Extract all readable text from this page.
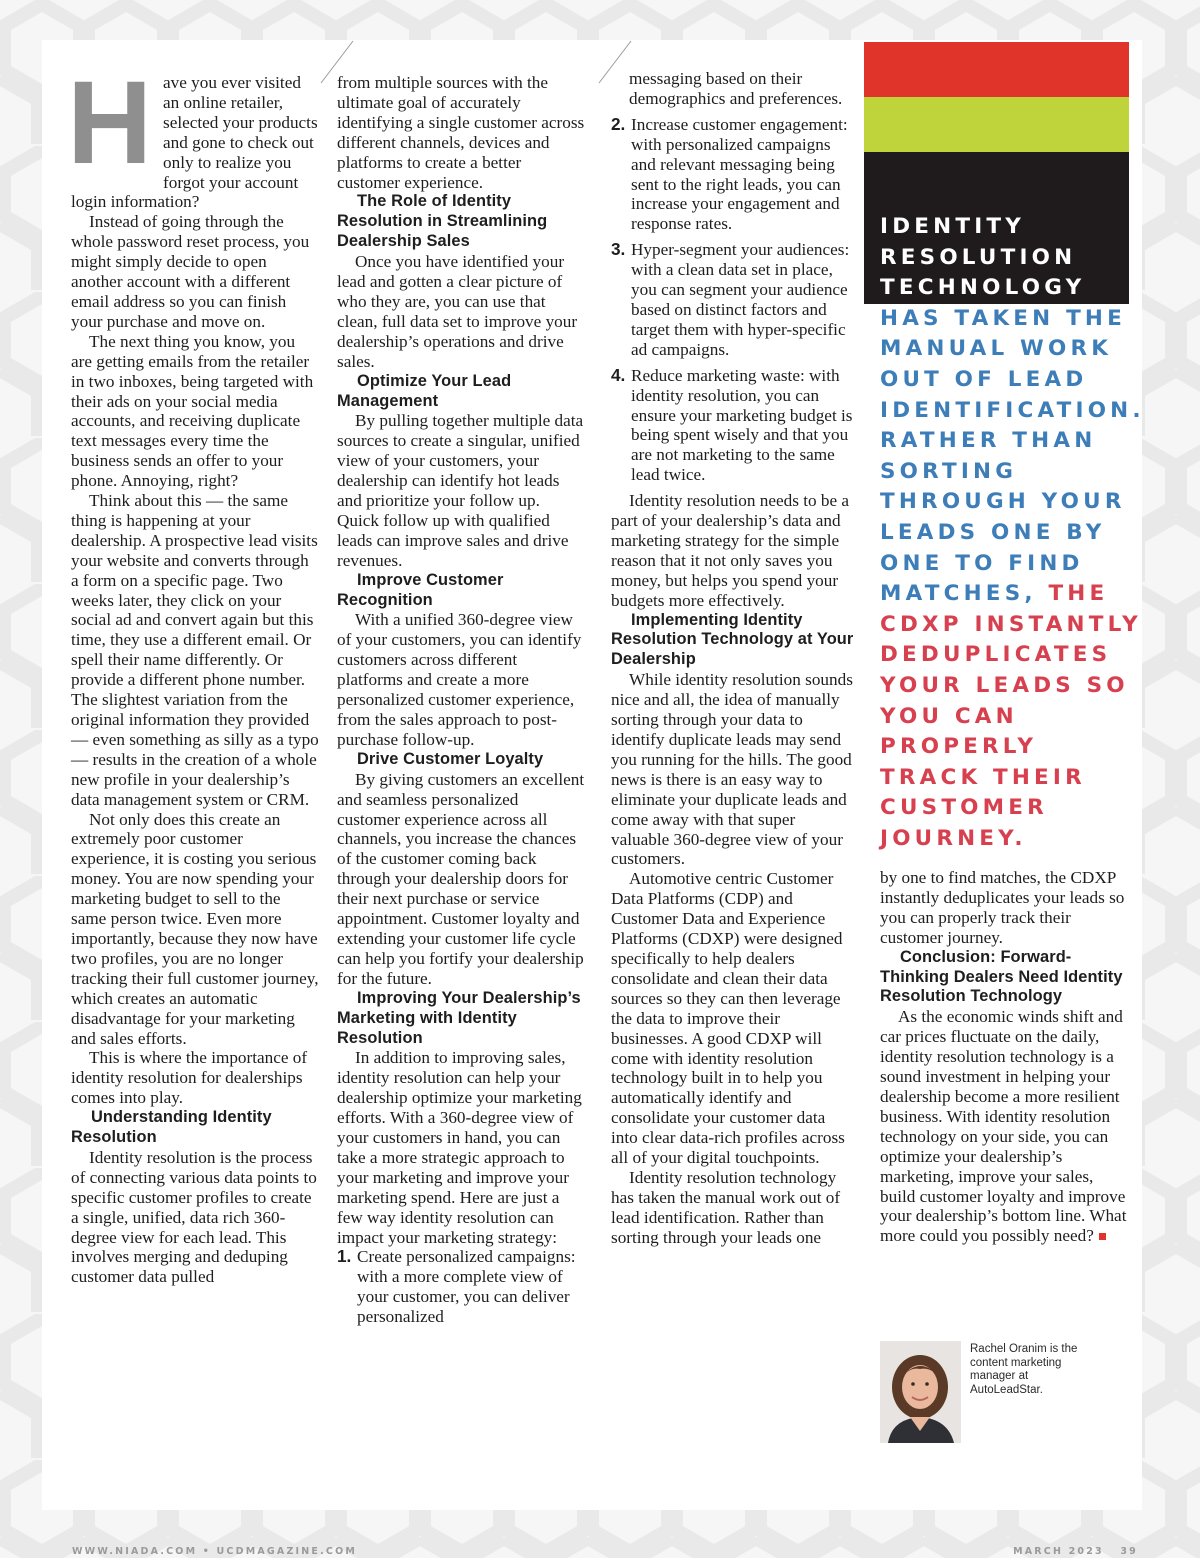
H ave you ever visited an online retailer, selected your products and gone to check out only to realize you forgot your account login information?

Instead of going through the whole password reset process, you might simply decide to open another account with a different email address so you can finish your purchase and move on.

The next thing you know, you are getting emails from the retailer in two inboxes, being targeted with their ads on your social media accounts, and receiving duplicate text messages every time the business sends an offer to your phone. Annoying, right?

Think about this — the same thing is happening at your dealership. A prospective lead visits your website and converts through a form on a specific page. Two weeks later, they click on your social ad and convert again but this time, they use a different email. Or spell their name differently. Or provide a different phone number. The slightest variation from the original information they provided — even something as silly as a typo — results in the creation of a whole new profile in your dealership’s data management system or CRM.

Not only does this create an extremely poor customer experience, it is costing you serious money. You are now spending your marketing budget to sell to the same person twice. Even more importantly, because they now have two profiles, you are no longer tracking their full customer journey, which creates an automatic disadvantage for your marketing and sales efforts.

This is where the importance of identity resolution for dealerships comes into play.

Understanding Identity Resolution

Identity resolution is the process of connecting various data points to specific customer profiles to create a single, unified, data rich 360-degree view for each lead. This involves merging and deduping customer data pulled

from multiple sources with the ultimate goal of accurately identifying a single customer across different channels, devices and platforms to create a better customer experience.

The Role of Identity Resolution in Streamlining Dealership Sales

Once you have identified your lead and gotten a clear picture of who they are, you can use that clean, full data set to improve your dealership’s operations and drive sales.

Optimize Your Lead Management

By pulling together multiple data sources to create a singular, unified view of your customers, your dealership can identify hot leads and prioritize your follow up. Quick follow up with qualified leads can improve sales and drive revenues.

Improve Customer Recognition

With a unified 360-degree view of your customers, you can identify customers across different platforms and create a more personalized customer experience, from the sales approach to post-purchase follow-up.

Drive Customer Loyalty

By giving customers an excellent and seamless personalized customer experience across all channels, you increase the chances of the customer coming back through your dealership doors for their next purchase or service appointment. Customer loyalty and extending your customer life cycle can help you fortify your dealership for the future.

Improving Your Dealership’s Marketing with Identity Resolution

In addition to improving sales, identity resolution can help your dealership optimize your marketing efforts. With a 360-degree view of your customers in hand, you can take a more strategic approach to your marketing and improve your marketing spend. Here are just a few way identity resolution can impact your marketing strategy:

1. Create personalized campaigns: with a more complete view of your customer, you can deliver personalized
messaging based on their demographics and preferences.
2. Increase customer engagement: with personalized campaigns and relevant messaging being sent to the right leads, you can increase your engagement and response rates.
3. Hyper-segment your audiences: with a clean data set in place, you can segment your audience based on distinct factors and target them with hyper-specific ad campaigns.
4. Reduce marketing waste: with identity resolution, you can ensure your marketing budget is being spent wisely and that you are not marketing to the same lead twice.

Identity resolution needs to be a part of your dealership’s data and marketing strategy for the simple reason that it not only saves you money, but helps you spend your budgets more effectively.

Implementing Identity Resolution Technology at Your Dealership

While identity resolution sounds nice and all, the idea of manually sorting through your data to identify duplicate leads may send you running for the hills. The good news is there is an easy way to eliminate your duplicate leads and come away with that super valuable 360-degree view of your customers.

Automotive centric Customer Data Platforms (CDP) and Customer Data and Experience Platforms (CDXP) were designed specifically to help dealers consolidate and clean their data sources so they can then leverage the data to improve their businesses. A good CDXP will come with identity resolution technology built in to help you automatically identify and consolidate your customer data into clear data-rich profiles across all of your digital touchpoints.

Identity resolution technology has taken the manual work out of lead identification. Rather than sorting through your leads one

IDENTITY RESOLUTION TECHNOLOGY HAS TAKEN THE MANUAL WORK OUT OF LEAD IDENTIFICATION. RATHER THAN SORTING THROUGH YOUR LEADS ONE BY ONE TO FIND MATCHES, THE CDXP INSTANTLY DEDUPLICATES YOUR LEADS SO YOU CAN PROPERLY TRACK THEIR CUSTOMER JOURNEY.

by one to find matches, the CDXP instantly deduplicates your leads so you can properly track their customer journey.

Conclusion: Forward-Thinking Dealers Need Identity Resolution Technology

As the economic winds shift and car prices fluctuate on the daily, identity resolution technology is a sound investment in helping your dealership become a more resilient business. With identity resolution technology on your side, you can optimize your dealership’s marketing, improve your sales, build customer loyalty and improve your dealership’s bottom line. What more could you possibly need?

Rachel Oranim is the content marketing manager at AutoLeadStar.
WWW.NIADA.COM • UCDMAGAZINE.COM	MARCH 2023   39
